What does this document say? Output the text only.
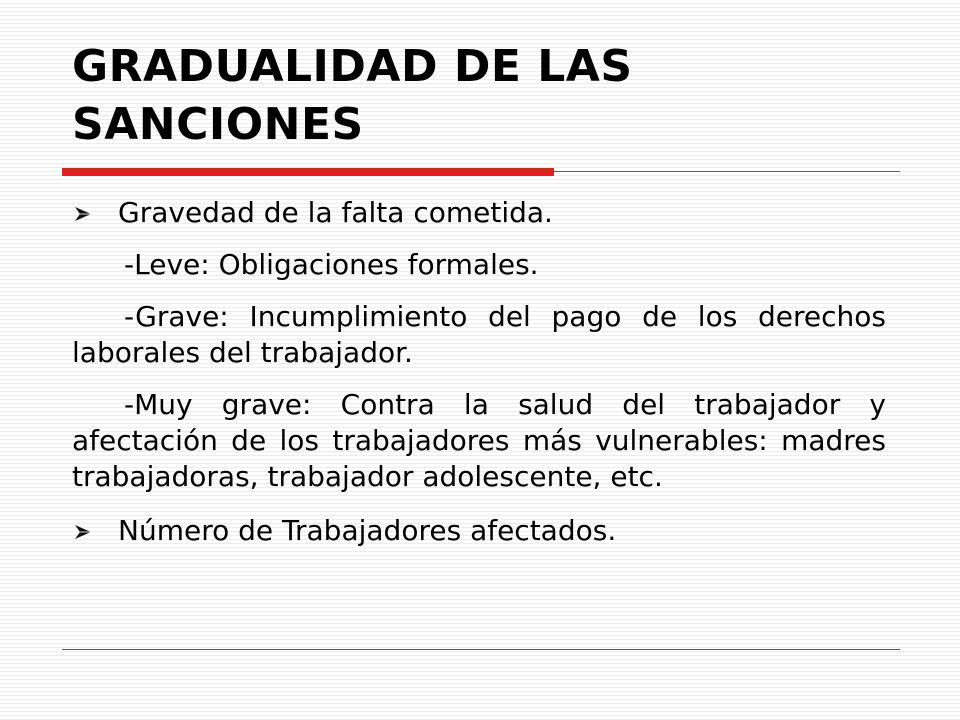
GRADUALIDAD DE LAS SANCIONES
Gravedad de la falta cometida.
-Leve: Obligaciones formales.
-Grave: Incumplimiento del pago de los derechos laborales del trabajador.
-Muy grave: Contra la salud del trabajador y afectación de los trabajadores más vulnerables: madres trabajadoras, trabajador adolescente, etc.
Número de Trabajadores afectados.
